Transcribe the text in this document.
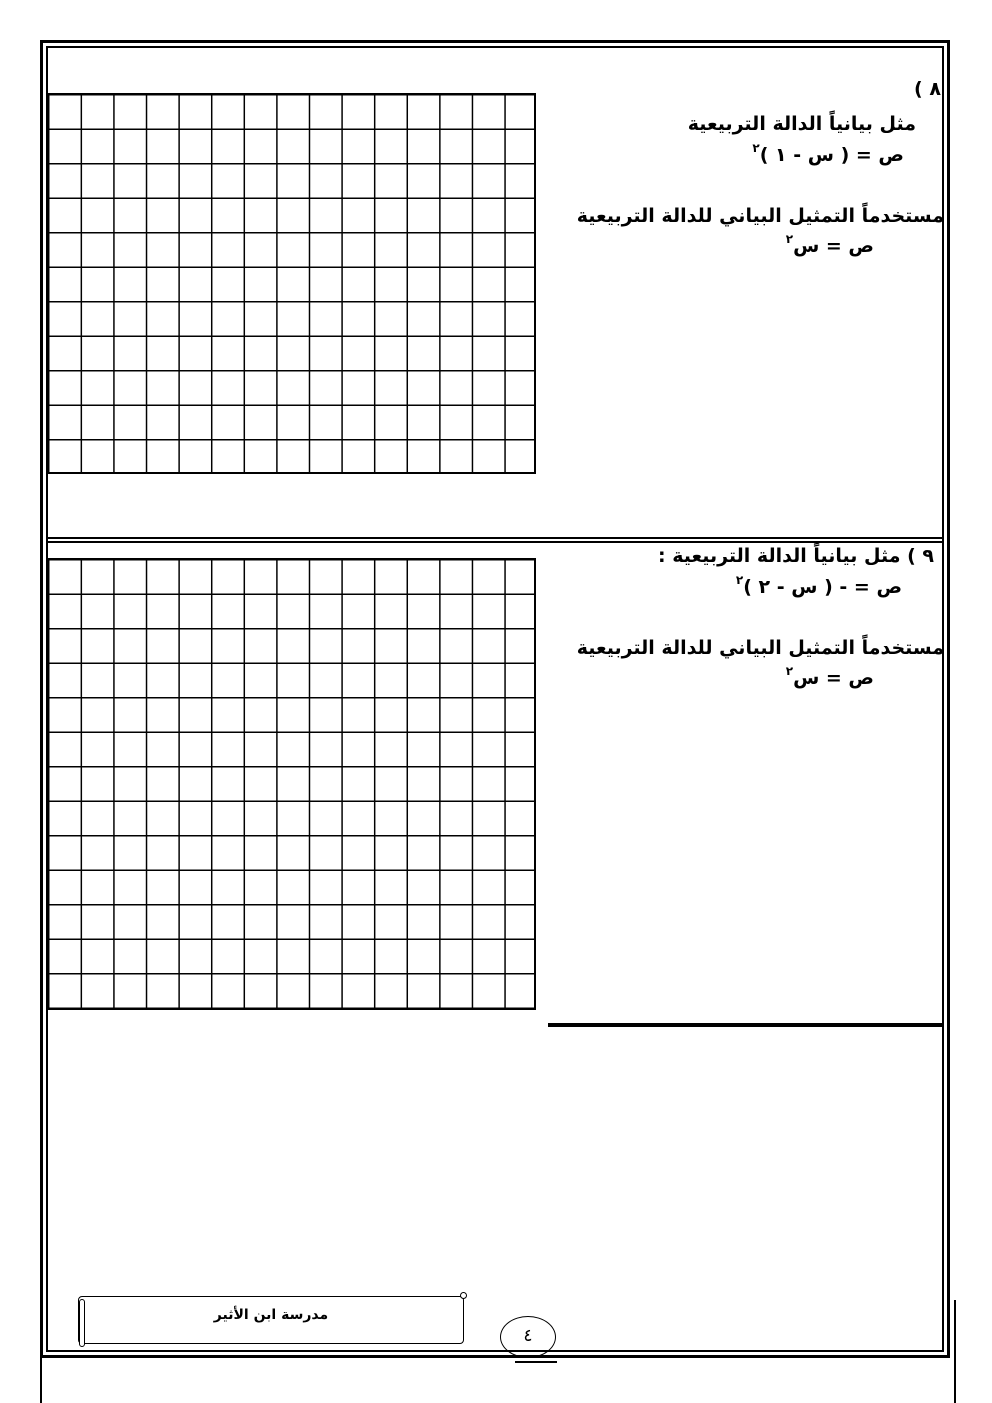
٨ )
مثل بيانياً الدالة التربيعية
ص = ( س - ١ )$^٢$
مستخدماً التمثيل البياني للدالة التربيعية
ص = س$^٢$
٩ ) مثل بيانياً الدالة التربيعية :
ص = - ( س - ٢ )$^٢$
مستخدماً التمثيل البياني للدالة التربيعية
ص = س$^٢$
مدرسة ابن الأثير
٤
